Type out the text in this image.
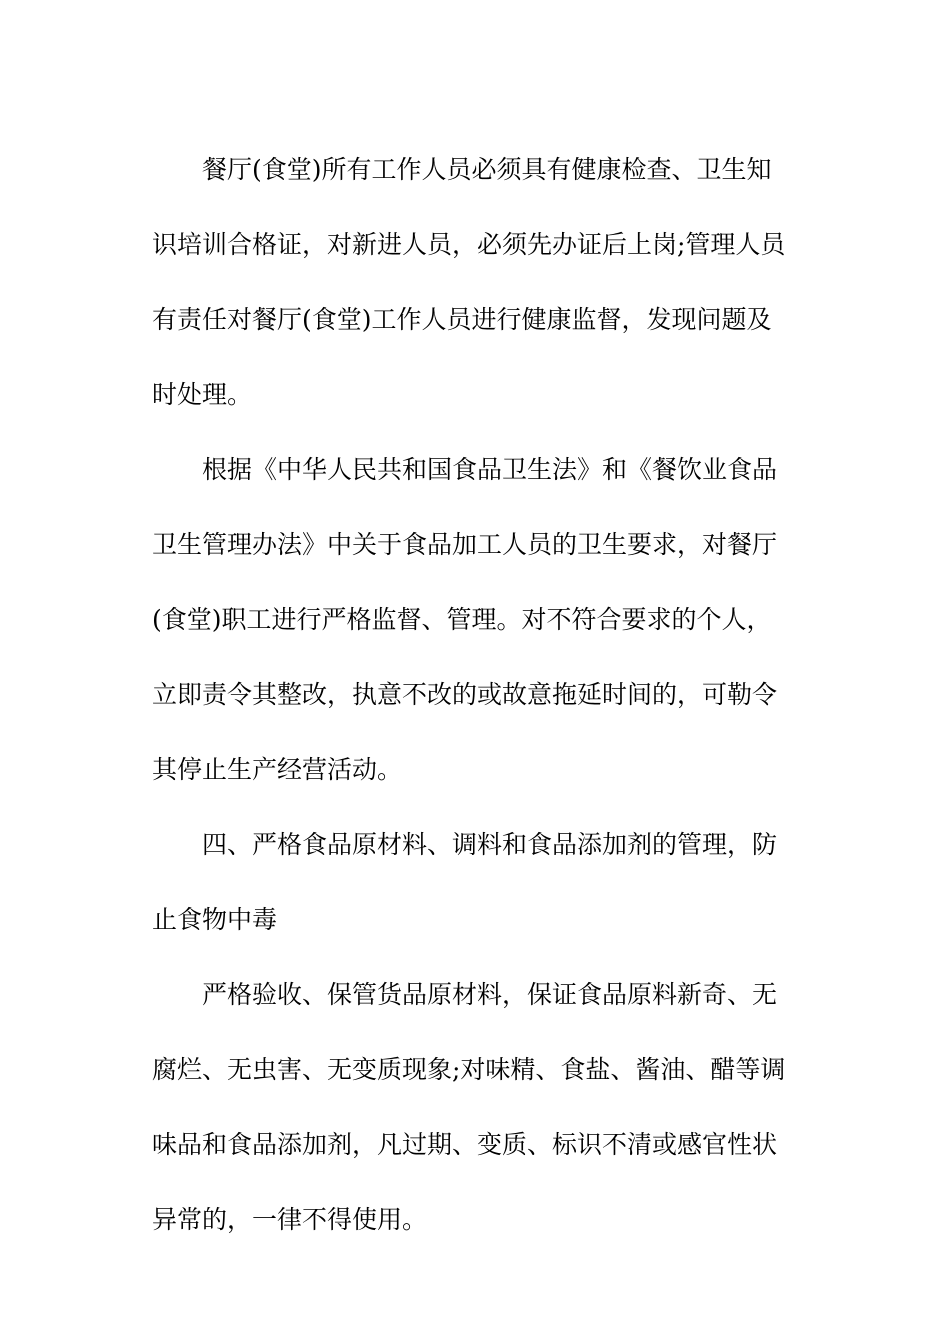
餐厅(食堂)所有工作人员必须具有健康检查、卫生知
识培训合格证，对新进人员，必须先办证后上岗;管理人员
有责任对餐厅(食堂)工作人员进行健康监督，发现问题及
时处理。
根据《中华人民共和国食品卫生法》和《餐饮业食品
卫生管理办法》中关于食品加工人员的卫生要求，对餐厅
(食堂)职工进行严格监督、管理。对不符合要求的个人，
立即责令其整改，执意不改的或故意拖延时间的，可勒令
其停止生产经营活动。
四、严格食品原材料、调料和食品添加剂的管理，防
止食物中毒
严格验收、保管货品原材料，保证食品原料新奇、无
腐烂、无虫害、无变质现象;对味精、食盐、酱油、醋等调
味品和食品添加剂，凡过期、变质、标识不清或感官性状
异常的，一律不得使用。
